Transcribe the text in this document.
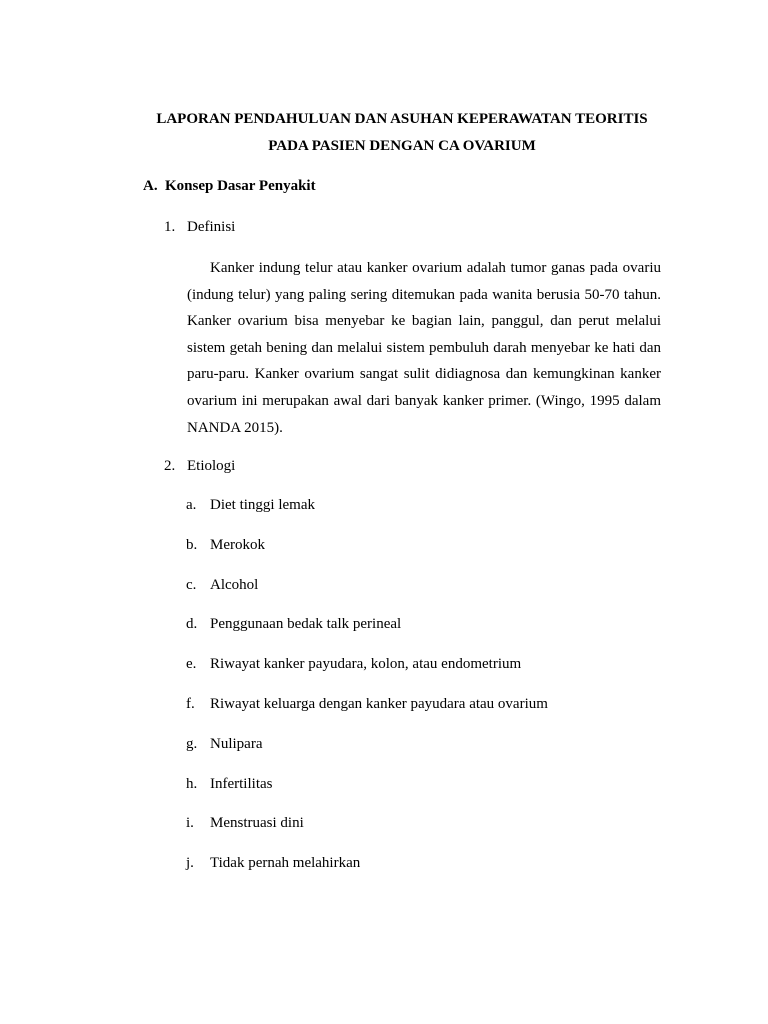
LAPORAN PENDAHULUAN DAN ASUHAN KEPERAWATAN TEORITIS
PADA PASIEN DENGAN CA OVARIUM
A. Konsep Dasar Penyakit
1. Definisi

Kanker indung telur atau kanker ovarium adalah tumor ganas pada ovariu (indung telur) yang paling sering ditemukan pada wanita berusia 50-70 tahun. Kanker ovarium bisa menyebar ke bagian lain, panggul, dan perut melalui sistem getah bening dan melalui sistem pembuluh darah menyebar ke hati dan paru-paru. Kanker ovarium sangat sulit didiagnosa dan kemungkinan kanker ovarium ini merupakan awal dari banyak kanker primer. (Wingo, 1995 dalam NANDA 2015).

2. Etiologi
a. Diet tinggi lemak
b. Merokok
c. Alcohol
d. Penggunaan bedak talk perineal
e. Riwayat kanker payudara, kolon, atau endometrium
f. Riwayat keluarga dengan kanker payudara atau ovarium
g. Nulipara
h. Infertilitas
i. Menstruasi dini
j. Tidak pernah melahirkan
